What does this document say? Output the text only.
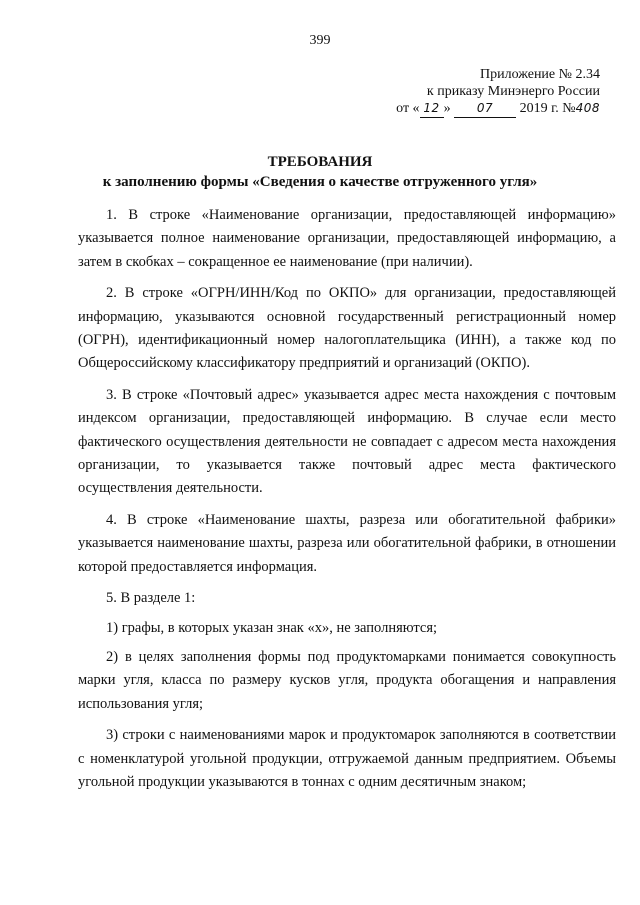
399
Приложение № 2.34
к приказу Минэнерго России
от « 12 » 07 2019 г. №408
ТРЕБОВАНИЯ
к заполнению формы «Сведения о качестве отгруженного угля»

1. В строке «Наименование организации, предоставляющей информацию» указывается полное наименование организации, предоставляющей информацию, а затем в скобках – сокращенное ее наименование (при наличии).

2. В строке «ОГРН/ИНН/Код по ОКПО» для организации, предоставляющей информацию, указываются основной государственный регистрационный номер (ОГРН), идентификационный номер налогоплательщика (ИНН), а также код по Общероссийскому классификатору предприятий и организаций (ОКПО).

3. В строке «Почтовый адрес» указывается адрес места нахождения с почтовым индексом организации, предоставляющей информацию. В случае если место фактического осуществления деятельности не совпадает с адресом места нахождения организации, то указывается также почтовый адрес места фактического осуществления деятельности.

4. В строке «Наименование шахты, разреза или обогатительной фабрики» указывается наименование шахты, разреза или обогатительной фабрики, в отношении которой предоставляется информация.

5. В разделе 1:

1) графы, в которых указан знак «х», не заполняются;

2) в целях заполнения формы под продуктомарками понимается совокупность марки угля, класса по размеру кусков угля, продукта обогащения и направления использования угля;

3) строки с наименованиями марок и продуктомарок заполняются в соответствии с номенклатурой угольной продукции, отгружаемой данным предприятием. Объемы угольной продукции указываются в тоннах с одним десятичным знаком;
